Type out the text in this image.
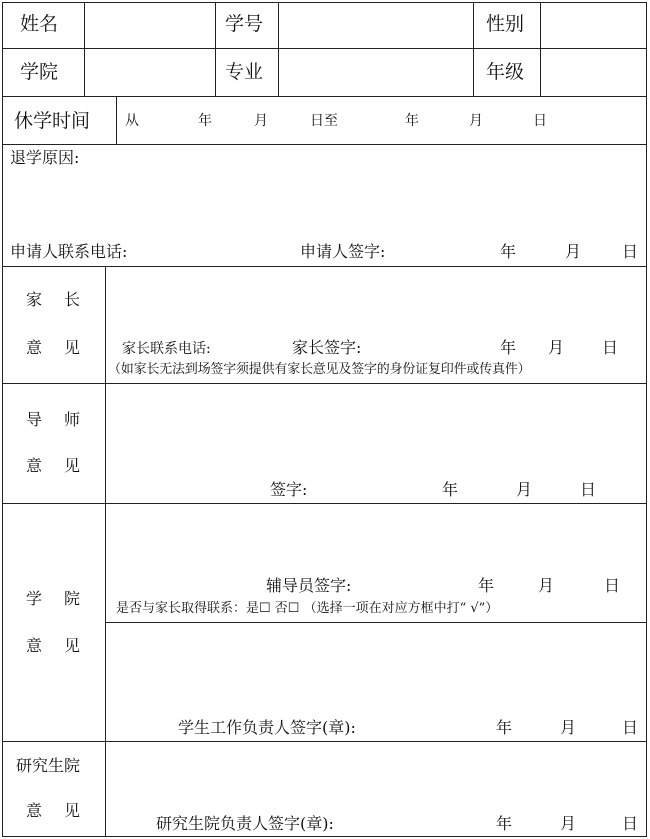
姓名	学号	性别
学院	专业	年级
休学时间 从	年	月	日至	年	月	日
退学原因:
申请人联系电话:	申请人签字:	年	月	日
家 长
意 见	家长联系电话:	家长签字:	年 月 日
（如家长无法到场签字须提供有家长意见及签字的身份证复印件或传真件）
导 师
意 见
签字:	年	月	日
学 院
意 见
辅导员签字:	年	月	日
是否与家长取得联系：是☐ 否☐ （选择一项在对应方框中打“ √”）
学生工作负责人签字(章):	年	月	日
研究生院
意 见
研究生院负责人签字(章):	年	月	日
